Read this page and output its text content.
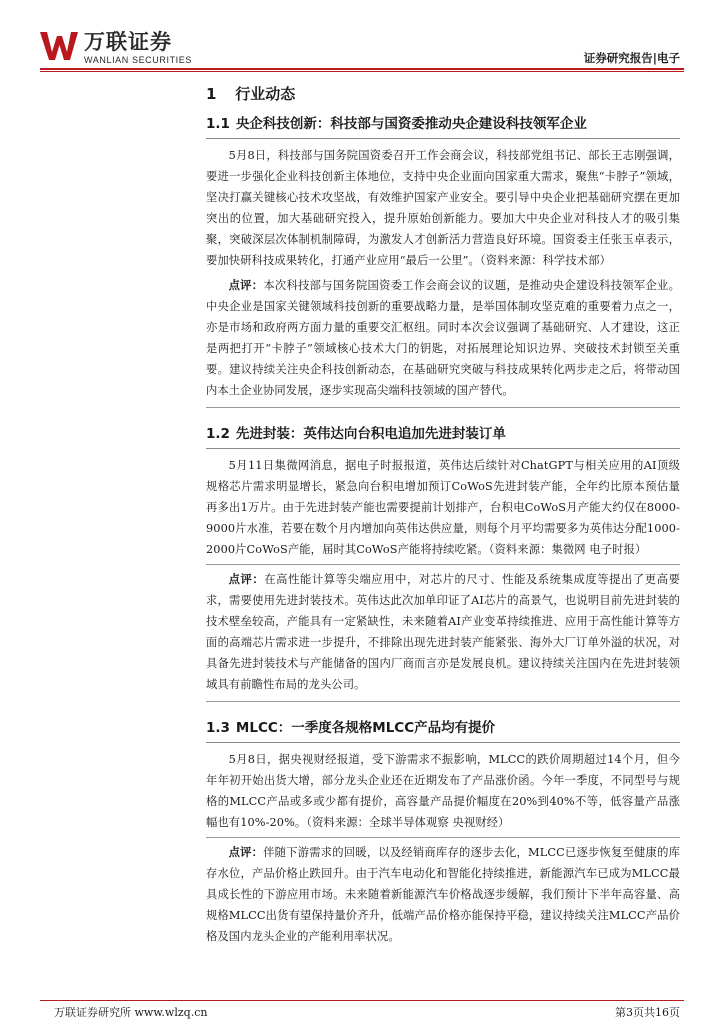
万联证券
WANLIAN SECURITIES	证券研究报告|电子
1 行业动态
1.1 央企科技创新：科技部与国资委推动央企建设科技领军企业

5月8日，科技部与国务院国资委召开工作会商会议，科技部党组书记、部长王志刚强调，要进一步强化企业科技创新主体地位，支持中央企业面向国家重大需求，聚焦“卡脖子”领域，坚决打赢关键核心技术攻坚战，有效维护国家产业安全。要引导中央企业把基础研究摆在更加突出的位置，加大基础研究投入，提升原始创新能力。要加大中央企业对科技人才的吸引集聚，突破深层次体制机制障碍，为激发人才创新活力营造良好环境。国资委主任张玉卓表示，要加快研科技成果转化，打通产业应用“最后一公里”。（资料来源：科学技术部）

点评：本次科技部与国务院国资委工作会商会议的议题，是推动央企建设科技领军企业。中央企业是国家关键领域科技创新的重要战略力量，是举国体制攻坚克难的重要着力点之一，亦是市场和政府两方面力量的重要交汇枢纽。同时本次会议强调了基础研究、人才建设，这正是两把打开“卡脖子”领域核心技术大门的钥匙，对拓展理论知识边界、突破技术封锁至关重要。建议持续关注央企科技创新动态，在基础研究突破与科技成果转化两步走之后，将带动国内本土企业协同发展，逐步实现高尖端科技领域的国产替代。

1.2 先进封装：英伟达向台积电追加先进封装订单

5月11日集微网消息，据电子时报报道，英伟达后续针对ChatGPT与相关应用的AI顶级规格芯片需求明显增长，紧急向台积电增加预订CoWoS先进封装产能，全年约比原本预估量再多出1万片。由于先进封装产能也需要提前计划排产，台积电CoWoS月产能大约仅在8000-9000片水准，若要在数个月内增加向英伟达供应量，则每个月平均需要多为英伟达分配1000-2000片CoWoS产能，届时其CoWoS产能将持续吃紧。（资料来源：集微网 电子时报）

点评：在高性能计算等尖端应用中，对芯片的尺寸、性能及系统集成度等提出了更高要求，需要使用先进封装技术。英伟达此次加单印证了AI芯片的高景气，也说明目前先进封装的技术壁垒较高，产能具有一定紧缺性，未来随着AI产业变革持续推进、应用于高性能计算等方面的高端芯片需求进一步提升，不排除出现先进封装产能紧张、海外大厂订单外溢的状况，对具备先进封装技术与产能储备的国内厂商而言亦是发展良机。建议持续关注国内在先进封装领域具有前瞻性布局的龙头公司。

1.3 MLCC：一季度各规格MLCC产品均有提价

5月8日，据央视财经报道，受下游需求不振影响，MLCC的跌价周期超过14个月，但今年年初开始出货大增，部分龙头企业还在近期发布了产品涨价函。今年一季度，不同型号与规格的MLCC产品或多或少都有提价，高容量产品提价幅度在20%到40%不等，低容量产品涨幅也有10%-20%。（资料来源：全球半导体观察 央视财经）

点评：伴随下游需求的回暖，以及经销商库存的逐步去化，MLCC已逐步恢复至健康的库存水位，产品价格止跌回升。由于汽车电动化和智能化持续推进，新能源汽车已成为MLCC最具成长性的下游应用市场。未来随着新能源汽车价格战逐步缓解，我们预计下半年高容量、高规格MLCC出货有望保持量价齐升，低端产品价格亦能保持平稳，建议持续关注MLCC产品价格及国内龙头企业的产能利用率状况。

万联证券研究所 www.wlzq.cn	第3页共16页
